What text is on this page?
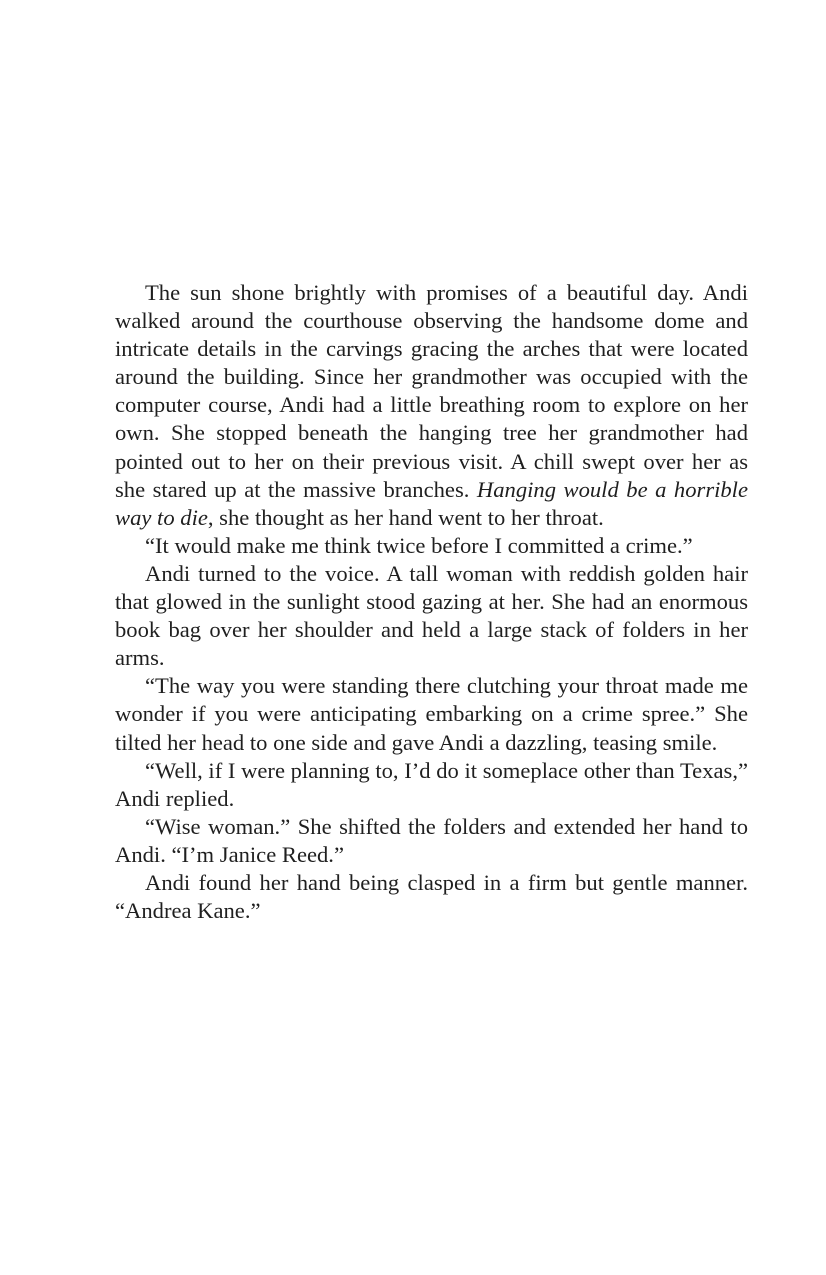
The sun shone brightly with promises of a beautiful day. Andi walked around the courthouse observing the handsome dome and intricate details in the carvings gracing the arches that were located around the building. Since her grandmother was occupied with the computer course, Andi had a little breathing room to explore on her own. She stopped beneath the hanging tree her grandmother had pointed out to her on their previous visit. A chill swept over her as she stared up at the massive branches. Hanging would be a horrible way to die, she thought as her hand went to her throat.

“It would make me think twice before I committed a crime.”

Andi turned to the voice. A tall woman with reddish golden hair that glowed in the sunlight stood gazing at her. She had an enormous book bag over her shoulder and held a large stack of folders in her arms.

“The way you were standing there clutching your throat made me wonder if you were anticipating embarking on a crime spree.” She tilted her head to one side and gave Andi a dazzling, teasing smile.

“Well, if I were planning to, I’d do it someplace other than Texas,” Andi replied.

“Wise woman.” She shifted the folders and extended her hand to Andi. “I’m Janice Reed.”

Andi found her hand being clasped in a firm but gentle manner. “Andrea Kane.”
